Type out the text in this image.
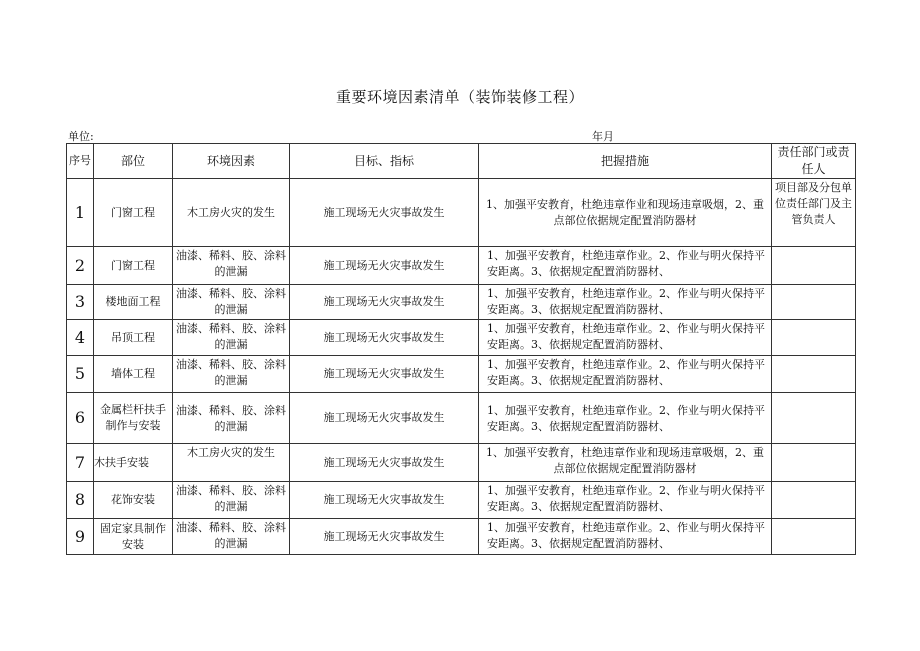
重要环境因素清单（装饰装修工程）
单位:	年月
序号	部位	环境因素	目标、指标	把握措施	责任部门或责任人
1	门窗工程	木工房火灾的发生	施工现场无火灾事故发生	1、加强平安教育，杜绝违章作业和现场违章吸烟，2、重点部位依据规定配置消防器材	项目部及分包单位责任部门及主管负责人
2	门窗工程	油漆、稀料、胶、涂料的泄漏	施工现场无火灾事故发生	1、加强平安教育，杜绝违章作业。2、作业与明火保持平安距离。3、依据规定配置消防器材、	
3	楼地面工程	油漆、稀料、胶、涂料的泄漏	施工现场无火灾事故发生	1、加强平安教育，杜绝违章作业。2、作业与明火保持平安距离。3、依据规定配置消防器材、	
4	吊顶工程	油漆、稀料、胶、涂料的泄漏	施工现场无火灾事故发生	1、加强平安教育，杜绝违章作业。2、作业与明火保持平安距离。3、依据规定配置消防器材、	
5	墙体工程	油漆、稀料、胶、涂料的泄漏	施工现场无火灾事故发生	1、加强平安教育，杜绝违章作业。2、作业与明火保持平安距离。3、依据规定配置消防器材、	
6	金属栏杆扶手制作与安装	油漆、稀料、胶、涂料的泄漏	施工现场无火灾事故发生	1、加强平安教育，杜绝违章作业。2、作业与明火保持平安距离。3、依据规定配置消防器材、	
7	木扶手安装	木工房火灾的发生	施工现场无火灾事故发生	1、加强平安教育，杜绝违章作业和现场违章吸烟，2、重点部位依据规定配置消防器材	
8	花饰安装	油漆、稀料、胶、涂料的泄漏	施工现场无火灾事故发生	1、加强平安教育，杜绝违章作业。2、作业与明火保持平安距离。3、依据规定配置消防器材、	
9	固定家具制作安装	油漆、稀料、胶、涂料的泄漏	施工现场无火灾事故发生	1、加强平安教育，杜绝违章作业。2、作业与明火保持平安距离。3、依据规定配置消防器材、	
